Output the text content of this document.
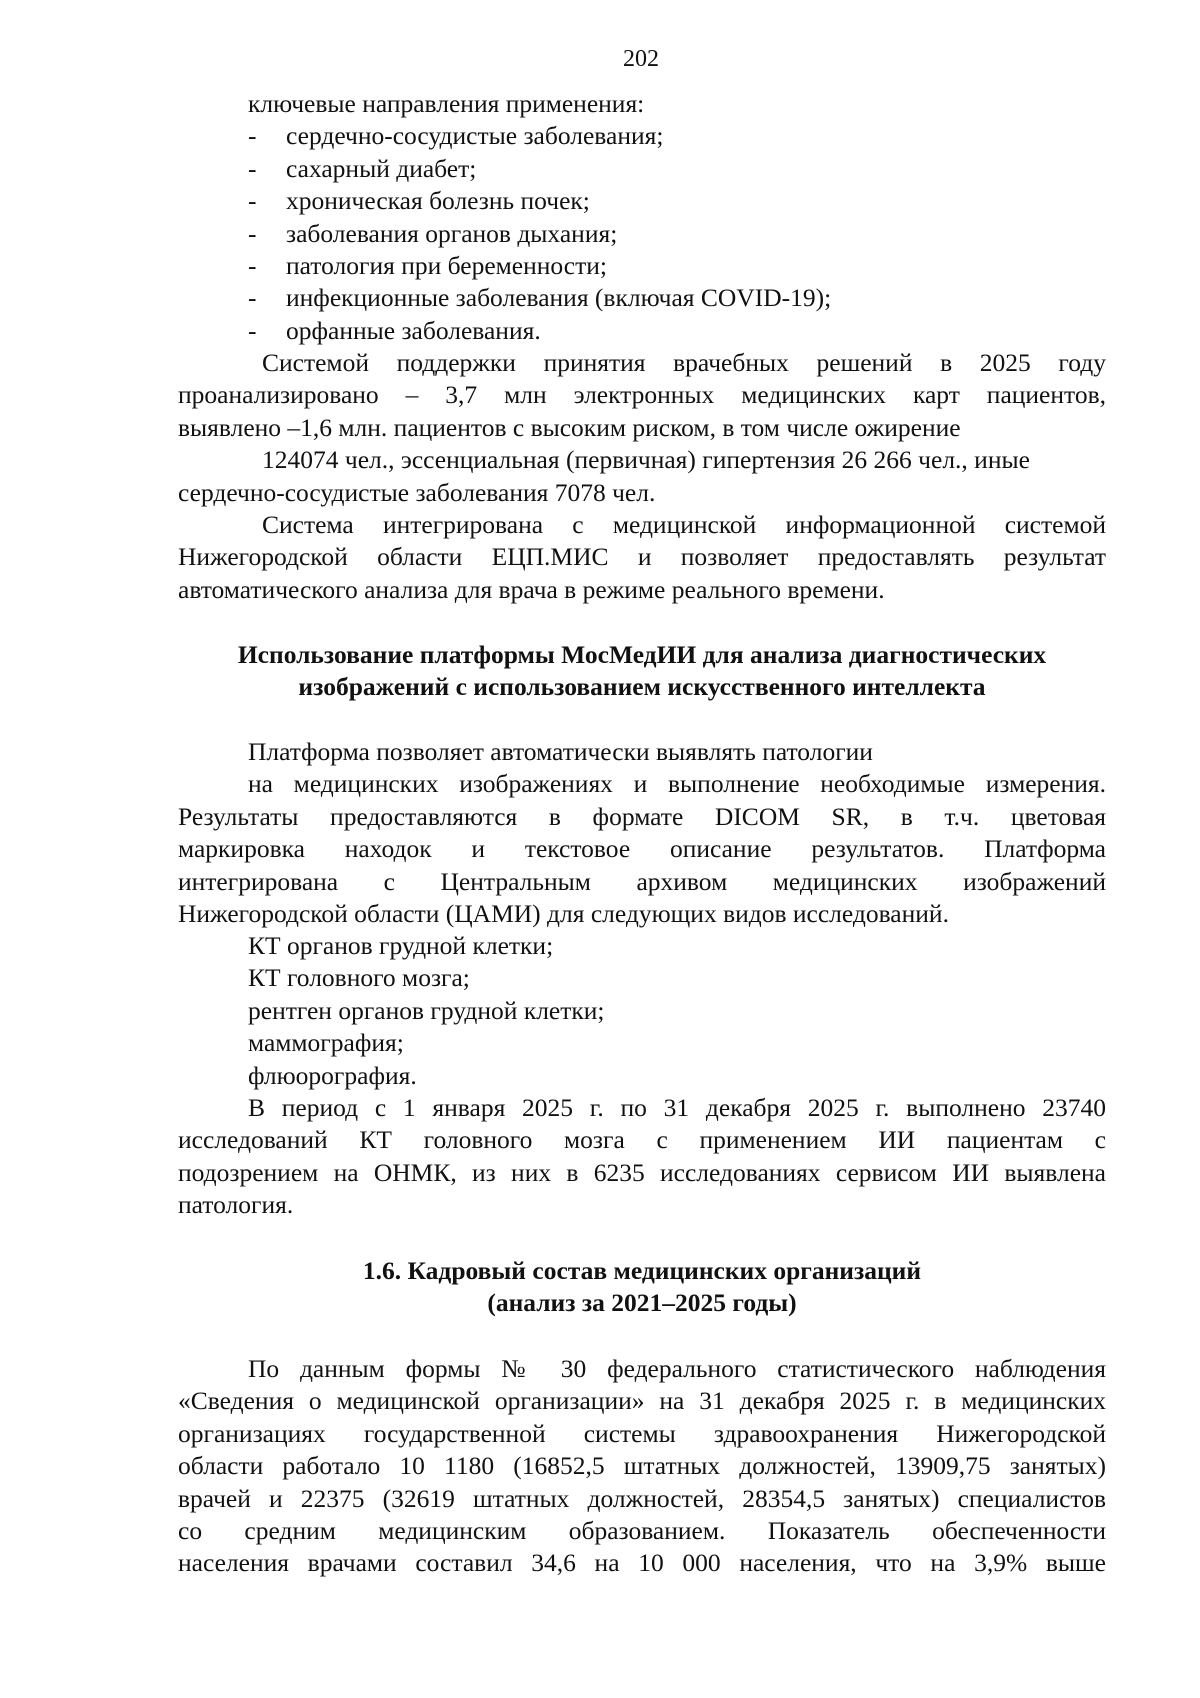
202
ключевые направления применения:
- сердечно-сосудистые заболевания;
- сахарный диабет;
- хроническая болезнь почек;
- заболевания органов дыхания;
- патология при беременности;
- инфекционные заболевания (включая COVID-19);
- орфанные заболевания.
Системой поддержки принятия врачебных решений в 2025 году
проанализировано – 3,7 млн электронных медицинских карт пациентов,
выявлено –1,6 млн. пациентов с высоким риском, в том числе ожирение
124074 чел., эссенциальная (первичная) гипертензия 26 266 чел., иные
сердечно-сосудистые заболевания 7078 чел.
Система интегрирована с медицинской информационной системой
Нижегородской области ЕЦП.МИС и позволяет предоставлять результат
автоматического анализа для врача в режиме реального времени.
Использование платформы МосМедИИ для анализа диагностических
изображений с использованием искусственного интеллекта
Платформа позволяет автоматически выявлять патологии
на медицинских изображениях и выполнение необходимые измерения.
Результаты предоставляются в формате DICOM SR, в т.ч. цветовая
маркировка находок и текстовое описание результатов. Платформа
интегрирована с Центральным архивом медицинских изображений
Нижегородской области (ЦАМИ) для следующих видов исследований.
КТ органов грудной клетки;
КТ головного мозга;
рентген органов грудной клетки;
маммография;
флюорография.
В период с 1 января 2025 г. по 31 декабря 2025 г. выполнено 23740
исследований КТ головного мозга с применением ИИ пациентам с
подозрением на ОНМК, из них в 6235 исследованиях сервисом ИИ выявлена
патология.
1.6. Кадровый состав медицинских организаций
(анализ за 2021–2025 годы)
По данным формы № 30 федерального статистического наблюдения
«Сведения о медицинской организации» на 31 декабря 2025 г. в медицинских
организациях государственной системы здравоохранения Нижегородской
области работало 10 1180 (16852,5 штатных должностей, 13909,75 занятых)
врачей и 22375 (32619 штатных должностей, 28354,5 занятых) специалистов
со средним медицинским образованием. Показатель обеспеченности
населения врачами составил 34,6 на 10 000 населения, что на 3,9% выше
